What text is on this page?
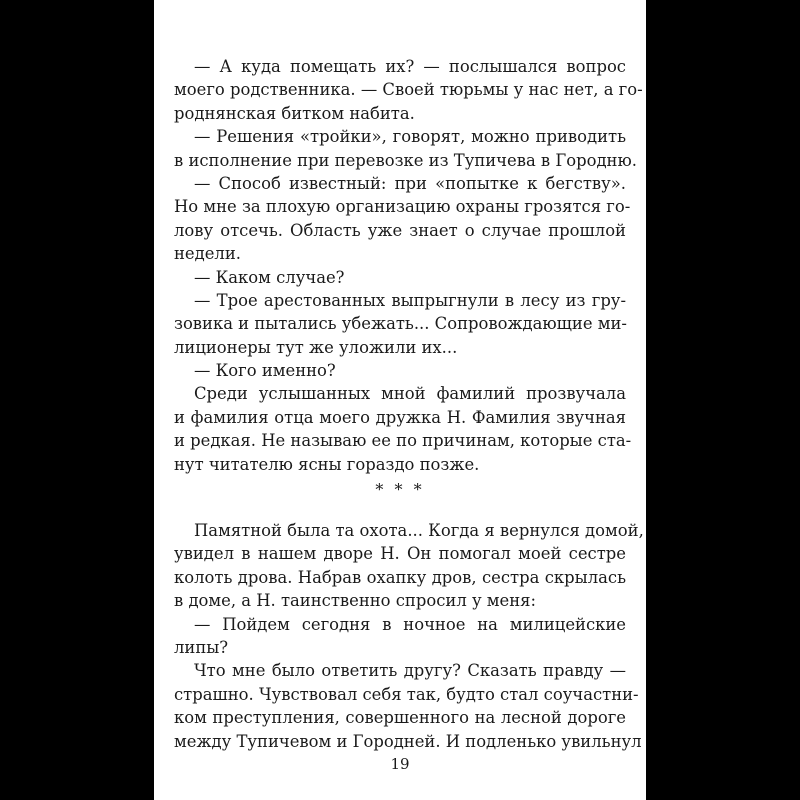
— А куда помещать их? — послышался вопрос
моего родственника. — Своей тюрьмы у нас нет, а го-
роднянская битком набита.
— Решения «тройки», говорят, можно приводить
в исполнение при перевозке из Тупичева в Городню.
— Способ известный: при «попытке к бегству».
Но мне за плохую организацию охраны грозятся го-
лову отсечь. Область уже знает о случае прошлой
недели.
— Каком случае?
— Трое арестованных выпрыгнули в лесу из гру-
зовика и пытались убежать... Сопровождающие ми-
лиционеры тут же уложили их...
— Кого именно?
Среди услышанных мной фамилий прозвучала
и фамилия отца моего дружка Н. Фамилия звучная
и редкая. Не называю ее по причинам, которые ста-
нут читателю ясны гораздо позже.
* * *
Памятной была та охота... Когда я вернулся домой,
увидел в нашем дворе Н. Он помогал моей сестре
колоть дрова. Набрав охапку дров, сестра скрылась
в доме, а Н. таинственно спросил у меня:
— Пойдем сегодня в ночное на милицейские
липы?
Что мне было ответить другу? Сказать правду —
страшно. Чувствовал себя так, будто стал соучастни-
ком преступления, совершенного на лесной дороге
между Тупичевом и Городней. И подленько увильнул
19
